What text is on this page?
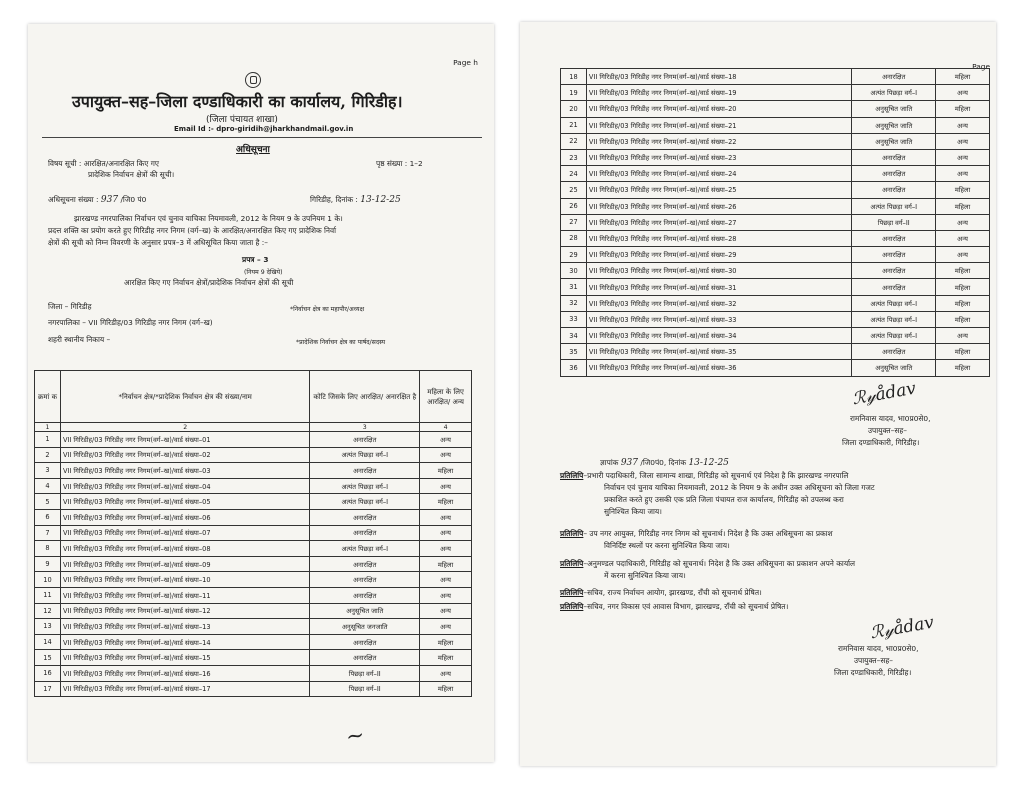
Page h
उपायुक्त–सह–जिला दण्डाधिकारी का कार्यालय, गिरिडीह।
(जिला पंचायत शाखा)
Email Id :- dpro-giridih@jharkhandmail.gov.in
अधिसूचना
विषय सूची : आरक्षित/अनारक्षित किए गए
प्रादेशिक निर्वाचन क्षेत्रों की सूची।
पृष्ठ संख्या : 1–2
अधिसूचना संख्या : 937 /जि0 पं0	गिरिडीह, दिनांक : 13-12-25
झारखण्ड नगरपालिका निर्वाचन एवं चुनाव याचिका नियमावली, 2012 के नियम 9 के उपनियम 1 के।
प्रदत्त शक्ति का प्रयोग करते हुए गिरिडीह नगर निगम (वर्ग–ख) के आरक्षित/अनारक्षित किए गए प्रादेशिक निर्वा
क्षेत्रों की सूची को निम्न विवरणी के अनुसार प्रपत्र–3 में अधिसूचित किया जाता है :–
प्रपत्र – 3
(नियम 9 देखिये)
आरक्षित किए गए निर्वाचन क्षेत्रों/प्रादेशिक निर्वाचन क्षेत्रों की सूची
जिला – गिरिडीह	*निर्वाचन क्षेत्र का महापौर/अध्यक्ष
नगरपालिका – VII गिरिडीह/03 गिरिडीह नगर निगम (वर्ग–ख)
शहरी स्थानीय निकाय –	*प्रादेशिक निर्वाचन क्षेत्र का पार्षद/सदस्य
क्रमां क	*निर्वाचन क्षेत्र/*प्रादेशिक निर्वाचन क्षेत्र की संख्या/नाम	कोटि जिसके लिए आरक्षित/ अनारक्षित है	महिला के लिए आरक्षित/ अन्य
1	2	3	4
1	VII गिरिडीह/03 गिरिडीह नगर निगम(वर्ग–ख)/वार्ड संख्या–01	अनारक्षित	अन्य
2	VII गिरिडीह/03 गिरिडीह नगर निगम(वर्ग–ख)/वार्ड संख्या–02	अत्यंत पिछड़ा वर्ग–I	अन्य
3	VII गिरिडीह/03 गिरिडीह नगर निगम(वर्ग–ख)/वार्ड संख्या–03	अनारक्षित	महिला
4	VII गिरिडीह/03 गिरिडीह नगर निगम(वर्ग–ख)/वार्ड संख्या–04	अत्यंत पिछड़ा वर्ग–I	अन्य
5	VII गिरिडीह/03 गिरिडीह नगर निगम(वर्ग–ख)/वार्ड संख्या–05	अत्यंत पिछड़ा वर्ग–I	महिला
6	VII गिरिडीह/03 गिरिडीह नगर निगम(वर्ग–ख)/वार्ड संख्या–06	अनारक्षित	अन्य
7	VII गिरिडीह/03 गिरिडीह नगर निगम(वर्ग–ख)/वार्ड संख्या–07	अनारक्षित	अन्य
8	VII गिरिडीह/03 गिरिडीह नगर निगम(वर्ग–ख)/वार्ड संख्या–08	अत्यंत पिछड़ा वर्ग–I	अन्य
9	VII गिरिडीह/03 गिरिडीह नगर निगम(वर्ग–ख)/वार्ड संख्या–09	अनारक्षित	महिला
10	VII गिरिडीह/03 गिरिडीह नगर निगम(वर्ग–ख)/वार्ड संख्या–10	अनारक्षित	अन्य
11	VII गिरिडीह/03 गिरिडीह नगर निगम(वर्ग–ख)/वार्ड संख्या–11	अनारक्षित	अन्य
12	VII गिरिडीह/03 गिरिडीह नगर निगम(वर्ग–ख)/वार्ड संख्या–12	अनुसूचित जाति	अन्य
13	VII गिरिडीह/03 गिरिडीह नगर निगम(वर्ग–ख)/वार्ड संख्या–13	अनुसूचित जनजाति	अन्य
14	VII गिरिडीह/03 गिरिडीह नगर निगम(वर्ग–ख)/वार्ड संख्या–14	अनारक्षित	महिला
15	VII गिरिडीह/03 गिरिडीह नगर निगम(वर्ग–ख)/वार्ड संख्या–15	अनारक्षित	महिला
16	VII गिरिडीह/03 गिरिडीह नगर निगम(वर्ग–ख)/वार्ड संख्या–16	पिछड़ा वर्ग–II	अन्य
17	VII गिरिडीह/03 गिरिडीह नगर निगम(वर्ग–ख)/वार्ड संख्या–17	पिछड़ा वर्ग–II	महिला
~
Page
18	VII गिरिडीह/03 गिरिडीह नगर निगम(वर्ग–ख)/वार्ड संख्या–18	अनारक्षित	महिला
19	VII गिरिडीह/03 गिरिडीह नगर निगम(वर्ग–ख)/वार्ड संख्या–19	अत्यंत पिछड़ा वर्ग–I	अन्य
20	VII गिरिडीह/03 गिरिडीह नगर निगम(वर्ग–ख)/वार्ड संख्या–20	अनुसूचित जाति	महिला
21	VII गिरिडीह/03 गिरिडीह नगर निगम(वर्ग–ख)/वार्ड संख्या–21	अनुसूचित जाति	अन्य
22	VII गिरिडीह/03 गिरिडीह नगर निगम(वर्ग–ख)/वार्ड संख्या–22	अनुसूचित जाति	अन्य
23	VII गिरिडीह/03 गिरिडीह नगर निगम(वर्ग–ख)/वार्ड संख्या–23	अनारक्षित	अन्य
24	VII गिरिडीह/03 गिरिडीह नगर निगम(वर्ग–ख)/वार्ड संख्या–24	अनारक्षित	अन्य
25	VII गिरिडीह/03 गिरिडीह नगर निगम(वर्ग–ख)/वार्ड संख्या–25	अनारक्षित	महिला
26	VII गिरिडीह/03 गिरिडीह नगर निगम(वर्ग–ख)/वार्ड संख्या–26	अत्यंत पिछड़ा वर्ग–I	महिला
27	VII गिरिडीह/03 गिरिडीह नगर निगम(वर्ग–ख)/वार्ड संख्या–27	पिछड़ा वर्ग–II	अन्य
28	VII गिरिडीह/03 गिरिडीह नगर निगम(वर्ग–ख)/वार्ड संख्या–28	अनारक्षित	अन्य
29	VII गिरिडीह/03 गिरिडीह नगर निगम(वर्ग–ख)/वार्ड संख्या–29	अनारक्षित	अन्य
30	VII गिरिडीह/03 गिरिडीह नगर निगम(वर्ग–ख)/वार्ड संख्या–30	अनारक्षित	महिला
31	VII गिरिडीह/03 गिरिडीह नगर निगम(वर्ग–ख)/वार्ड संख्या–31	अनारक्षित	महिला
32	VII गिरिडीह/03 गिरिडीह नगर निगम(वर्ग–ख)/वार्ड संख्या–32	अत्यंत पिछड़ा वर्ग–I	महिला
33	VII गिरिडीह/03 गिरिडीह नगर निगम(वर्ग–ख)/वार्ड संख्या–33	अत्यंत पिछड़ा वर्ग–I	महिला
34	VII गिरिडीह/03 गिरिडीह नगर निगम(वर्ग–ख)/वार्ड संख्या–34	अत्यंत पिछड़ा वर्ग–I	अन्य
35	VII गिरिडीह/03 गिरिडीह नगर निगम(वर्ग–ख)/वार्ड संख्या–35	अनारक्षित	महिला
36	VII गिरिडीह/03 गिरिडीह नगर निगम(वर्ग–ख)/वार्ड संख्या–36	अनुसूचित जाति	महिला
ℛ𝓎ådav
रामनिवास यादव, भा0प्र0से0,
उपायुक्त–सह–
जिला दण्डाधिकारी, गिरिडीह।
ज्ञापांक 937 /जि0पं0, दिनांक 13-12-25
प्रतिलिपि–प्रभारी पदाधिकारी, जिला सामान्य शाखा, गिरिडीह को सूचनार्थ एवं निदेश है कि झारखण्ड नगरपालि
निर्वाचन एवं चुनाव याचिका नियमावली, 2012 के नियम 9 के अधीन उक्त अधिसूचना को जिला गजट
प्रकाशित करते हुए उसकी एक प्रति जिला पंचायत राज कार्यालय, गिरिडीह को उपलब्ध करा
सुनिश्चित किया जाय।
प्रतिलिपि– उप नगर आयुक्त, गिरिडीह नगर निगम को सूचनार्थ। निदेश है कि उक्त अधिसूचना का प्रकाश
विनिर्दिष्ट स्थलों पर करना सुनिश्चित किया जाय।
प्रतिलिपि–अनुमण्डल पदाधिकारी, गिरिडीह को सूचनार्थ। निदेश है कि उक्त अधिसूचना का प्रकाशन अपने कार्याल
में करना सुनिश्चित किया जाय।
प्रतिलिपि–सचिव, राज्य निर्वाचन आयोग, झारखण्ड, राँची को सूचनार्थ प्रेषित।
प्रतिलिपि–सचिव, नगर विकास एवं आवास विभाग, झारखण्ड, राँची को सूचनार्थ प्रेषित।
ℛ𝓎ådav
रामनिवास यादव, भा0प्र0से0,
उपायुक्त–सह–
जिला दण्डाधिकारी, गिरिडीह।
